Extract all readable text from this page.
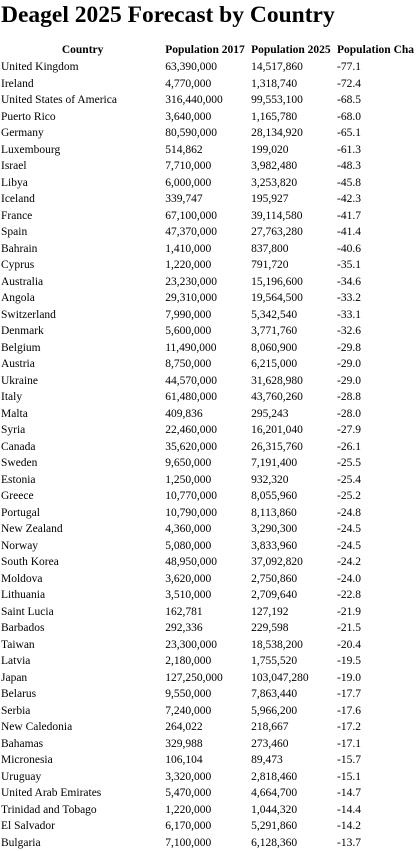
Deagel 2025 Forecast by Country
Country	Population 2017	Population 2025	Population Cha
United Kingdom	63,390,000	14,517,860	-77.1
Ireland	4,770,000	1,318,740	-72.4
United States of America	316,440,000	99,553,100	-68.5
Puerto Rico	3,640,000	1,165,780	-68.0
Germany	80,590,000	28,134,920	-65.1
Luxembourg	514,862	199,020	-61.3
Israel	7,710,000	3,982,480	-48.3
Libya	6,000,000	3,253,820	-45.8
Iceland	339,747	195,927	-42.3
France	67,100,000	39,114,580	-41.7
Spain	47,370,000	27,763,280	-41.4
Bahrain	1,410,000	837,800	-40.6
Cyprus	1,220,000	791,720	-35.1
Australia	23,230,000	15,196,600	-34.6
Angola	29,310,000	19,564,500	-33.2
Switzerland	7,990,000	5,342,540	-33.1
Denmark	5,600,000	3,771,760	-32.6
Belgium	11,490,000	8,060,900	-29.8
Austria	8,750,000	6,215,000	-29.0
Ukraine	44,570,000	31,628,980	-29.0
Italy	61,480,000	43,760,260	-28.8
Malta	409,836	295,243	-28.0
Syria	22,460,000	16,201,040	-27.9
Canada	35,620,000	26,315,760	-26.1
Sweden	9,650,000	7,191,400	-25.5
Estonia	1,250,000	932,320	-25.4
Greece	10,770,000	8,055,960	-25.2
Portugal	10,790,000	8,113,860	-24.8
New Zealand	4,360,000	3,290,300	-24.5
Norway	5,080,000	3,833,960	-24.5
South Korea	48,950,000	37,092,820	-24.2
Moldova	3,620,000	2,750,860	-24.0
Lithuania	3,510,000	2,709,640	-22.8
Saint Lucia	162,781	127,192	-21.9
Barbados	292,336	229,598	-21.5
Taiwan	23,300,000	18,538,200	-20.4
Latvia	2,180,000	1,755,520	-19.5
Japan	127,250,000	103,047,280	-19.0
Belarus	9,550,000	7,863,440	-17.7
Serbia	7,240,000	5,966,200	-17.6
New Caledonia	264,022	218,667	-17.2
Bahamas	329,988	273,460	-17.1
Micronesia	106,104	89,473	-15.7
Uruguay	3,320,000	2,818,460	-15.1
United Arab Emirates	5,470,000	4,664,700	-14.7
Trinidad and Tobago	1,220,000	1,044,320	-14.4
El Salvador	6,170,000	5,291,860	-14.2
Bulgaria	7,100,000	6,128,360	-13.7
